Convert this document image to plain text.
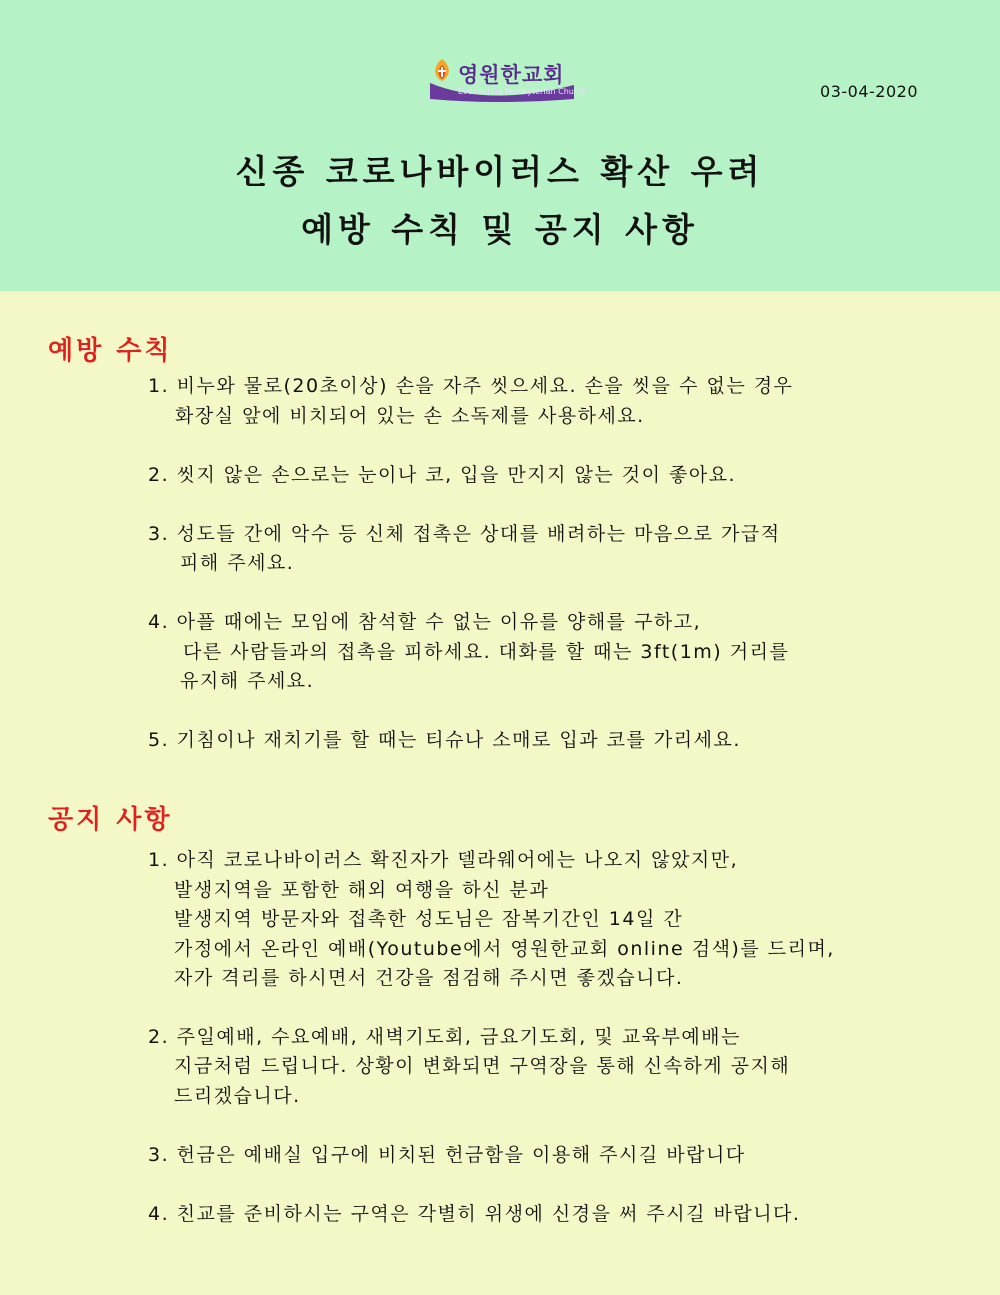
영원한교회
Everlasting Presbyterian Church	03-04-2020
신종 코로나바이러스 확산 우려
예방 수칙 및 공지 사항
예방 수칙
1. 비누와 물로(20초이상) 손을 자주 씻으세요. 손을 씻을 수 없는 경우
화장실 앞에 비치되어 있는 손 소독제를 사용하세요.
2. 씻지 않은 손으로는 눈이나 코, 입을 만지지 않는 것이 좋아요.
3. 성도들 간에 악수 등 신체 접촉은 상대를 배려하는 마음으로 가급적
피해 주세요.
4. 아플 때에는 모임에 참석할 수 없는 이유를 양해를 구하고,
다른 사람들과의 접촉을 피하세요. 대화를 할 때는 3ft(1m) 거리를
유지해 주세요.
5. 기침이나 재치기를 할 때는 티슈나 소매로 입과 코를 가리세요.
공지 사항
1. 아직 코로나바이러스 확진자가 델라웨어에는 나오지 않았지만,
발생지역을 포함한 해외 여행을 하신 분과
발생지역 방문자와 접촉한 성도님은 잠복기간인 14일 간
가정에서 온라인 예배(Youtube에서 영원한교회 online 검색)를 드리며,
자가 격리를 하시면서 건강을 점검해 주시면 좋겠습니다.
2. 주일예배, 수요예배, 새벽기도회, 금요기도회, 및 교육부예배는
지금처럼 드립니다. 상황이 변화되면 구역장을 통해 신속하게 공지해
드리겠습니다.
3. 헌금은 예배실 입구에 비치된 헌금함을 이용해 주시길 바랍니다
4. 친교를 준비하시는 구역은 각별히 위생에 신경을 써 주시길 바랍니다.
